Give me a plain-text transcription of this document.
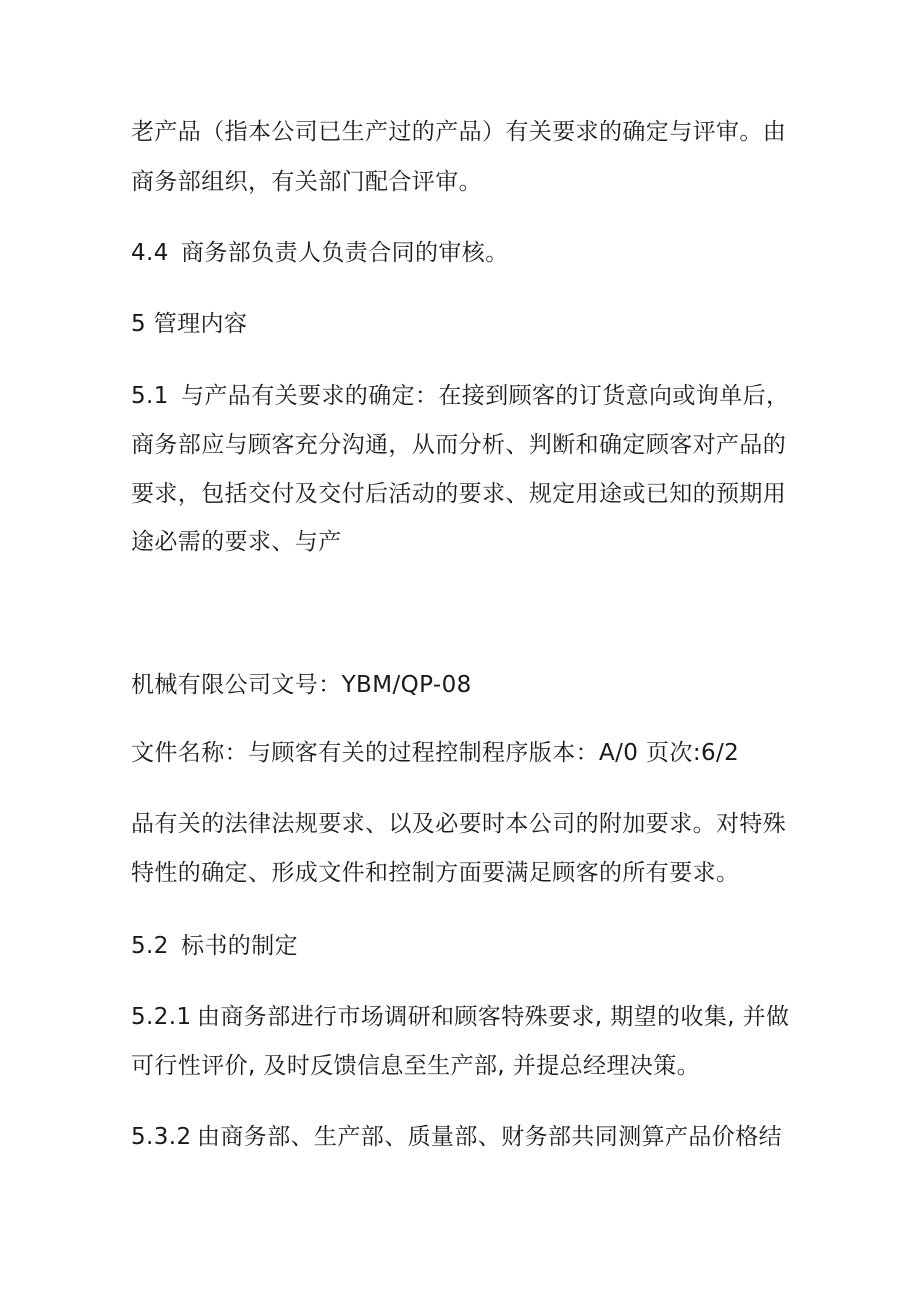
老产品（指本公司已生产过的产品）有关要求的确定与评审。由
商务部组织，有关部门配合评审。
4.4 商务部负责人负责合同的审核。
5 管理内容
5.1 与产品有关要求的确定：在接到顾客的订货意向或询单后，
商务部应与顾客充分沟通，从而分析、判断和确定顾客对产品的
要求，包括交付及交付后活动的要求、规定用途或已知的预期用
途必需的要求、与产
机械有限公司文号：YBM/QP-08
文件名称：与顾客有关的过程控制程序版本：A/0 页次:6/2
品有关的法律法规要求、以及必要时本公司的附加要求。对特殊
特性的确定、形成文件和控制方面要满足顾客的所有要求。
5.2 标书的制定
5.2.1 由商务部进行市场调研和顾客特殊要求, 期望的收集, 并做
可行性评价, 及时反馈信息至生产部, 并提总经理决策。
5.3.2 由商务部、生产部、质量部、财务部共同测算产品价格结
